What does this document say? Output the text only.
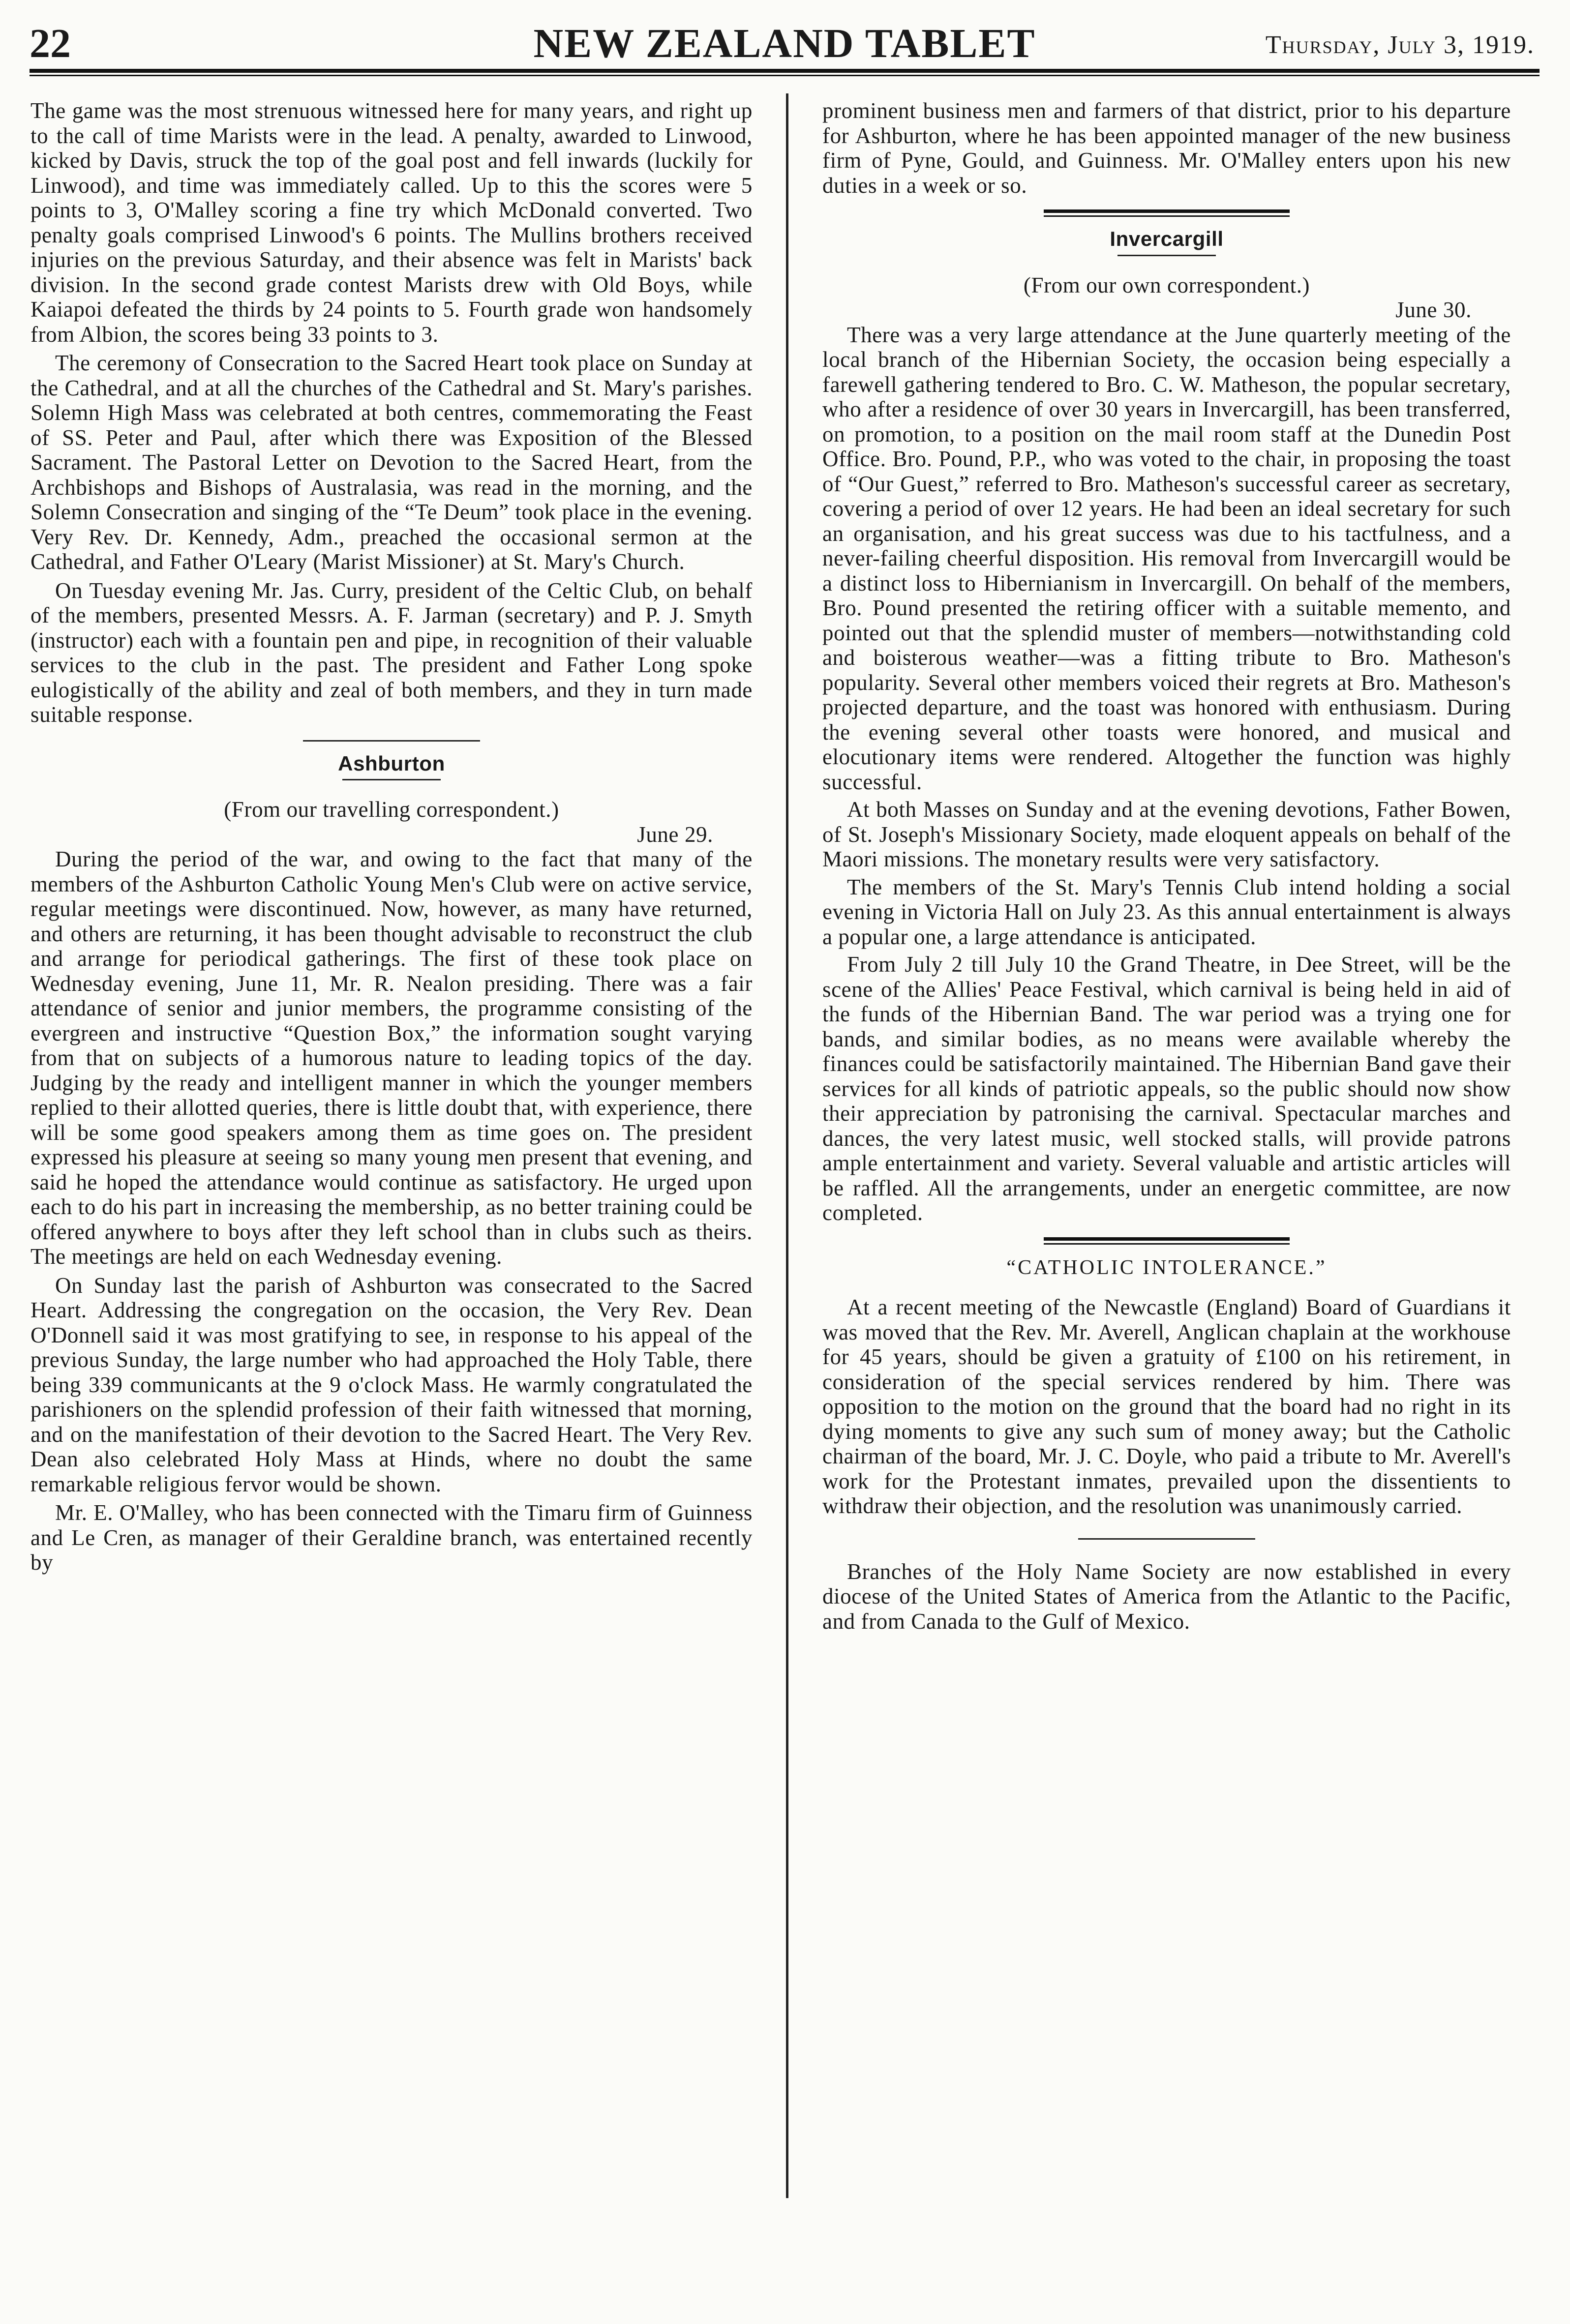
22	NEW ZEALAND TABLET	Thursday, July 3, 1919.

The game was the most strenuous witnessed here for many years, and right up to the call of time Marists were in the lead. A penalty, awarded to Linwood, kicked by Davis, struck the top of the goal post and fell inwards (luckily for Linwood), and time was immediately called. Up to this the scores were 5 points to 3, O'Malley scoring a fine try which McDonald converted. Two penalty goals comprised Linwood's 6 points. The Mullins brothers received injuries on the previous Saturday, and their absence was felt in Marists' back division. In the second grade contest Marists drew with Old Boys, while Kaiapoi defeated the thirds by 24 points to 5. Fourth grade won handsomely from Albion, the scores being 33 points to 3.

The ceremony of Consecration to the Sacred Heart took place on Sunday at the Cathedral, and at all the churches of the Cathedral and St. Mary's parishes. Solemn High Mass was celebrated at both centres, commemorating the Feast of SS. Peter and Paul, after which there was Exposition of the Blessed Sacrament. The Pastoral Letter on Devotion to the Sacred Heart, from the Archbishops and Bishops of Australasia, was read in the morning, and the Solemn Consecration and singing of the “Te Deum” took place in the evening. Very Rev. Dr. Kennedy, Adm., preached the occasional sermon at the Cathedral, and Father O'Leary (Marist Missioner) at St. Mary's Church.

On Tuesday evening Mr. Jas. Curry, president of the Celtic Club, on behalf of the members, presented Messrs. A. F. Jarman (secretary) and P. J. Smyth (instructor) each with a fountain pen and pipe, in recognition of their valuable services to the club in the past. The president and Father Long spoke eulogistically of the ability and zeal of both members, and they in turn made suitable response.

Ashburton
(From our travelling correspondent.)
June 29.

During the period of the war, and owing to the fact that many of the members of the Ashburton Catholic Young Men's Club were on active service, regular meetings were discontinued. Now, however, as many have returned, and others are returning, it has been thought advisable to reconstruct the club and arrange for periodical gatherings. The first of these took place on Wednesday evening, June 11, Mr. R. Nealon presiding. There was a fair attendance of senior and junior members, the programme consisting of the evergreen and instructive “Question Box,” the information sought varying from that on subjects of a humorous nature to leading topics of the day. Judging by the ready and intelligent manner in which the younger members replied to their allotted queries, there is little doubt that, with experience, there will be some good speakers among them as time goes on. The president expressed his pleasure at seeing so many young men present that evening, and said he hoped the attendance would continue as satisfactory. He urged upon each to do his part in increasing the membership, as no better training could be offered anywhere to boys after they left school than in clubs such as theirs. The meetings are held on each Wednesday evening.

On Sunday last the parish of Ashburton was consecrated to the Sacred Heart. Addressing the congregation on the occasion, the Very Rev. Dean O'Donnell said it was most gratifying to see, in response to his appeal of the previous Sunday, the large number who had approached the Holy Table, there being 339 communicants at the 9 o'clock Mass. He warmly congratulated the parishioners on the splendid profession of their faith witnessed that morning, and on the manifestation of their devotion to the Sacred Heart. The Very Rev. Dean also celebrated Holy Mass at Hinds, where no doubt the same remarkable religious fervor would be shown.

Mr. E. O'Malley, who has been connected with the Timaru firm of Guinness and Le Cren, as manager of their Geraldine branch, was entertained recently by

prominent business men and farmers of that district, prior to his departure for Ashburton, where he has been appointed manager of the new business firm of Pyne, Gould, and Guinness. Mr. O'Malley enters upon his new duties in a week or so.

Invercargill
(From our own correspondent.)
June 30.

There was a very large attendance at the June quarterly meeting of the local branch of the Hibernian Society, the occasion being especially a farewell gathering tendered to Bro. C. W. Matheson, the popular secretary, who after a residence of over 30 years in Invercargill, has been transferred, on promotion, to a position on the mail room staff at the Dunedin Post Office. Bro. Pound, P.P., who was voted to the chair, in proposing the toast of “Our Guest,” referred to Bro. Matheson's successful career as secretary, covering a period of over 12 years. He had been an ideal secretary for such an organisation, and his great success was due to his tactfulness, and a never-failing cheerful disposition. His removal from Invercargill would be a distinct loss to Hibernianism in Invercargill. On behalf of the members, Bro. Pound presented the retiring officer with a suitable memento, and pointed out that the splendid muster of members—notwithstanding cold and boisterous weather—was a fitting tribute to Bro. Matheson's popularity. Several other members voiced their regrets at Bro. Matheson's projected departure, and the toast was honored with enthusiasm. During the evening several other toasts were honored, and musical and elocutionary items were rendered. Altogether the function was highly successful.

At both Masses on Sunday and at the evening devotions, Father Bowen, of St. Joseph's Missionary Society, made eloquent appeals on behalf of the Maori missions. The monetary results were very satisfactory.

The members of the St. Mary's Tennis Club intend holding a social evening in Victoria Hall on July 23. As this annual entertainment is always a popular one, a large attendance is anticipated.

From July 2 till July 10 the Grand Theatre, in Dee Street, will be the scene of the Allies' Peace Festival, which carnival is being held in aid of the funds of the Hibernian Band. The war period was a trying one for bands, and similar bodies, as no means were available whereby the finances could be satisfactorily maintained. The Hibernian Band gave their services for all kinds of patriotic appeals, so the public should now show their appreciation by patronising the carnival. Spectacular marches and dances, the very latest music, well stocked stalls, will provide patrons ample entertainment and variety. Several valuable and artistic articles will be raffled. All the arrangements, under an energetic committee, are now completed.

“CATHOLIC INTOLERANCE.”

At a recent meeting of the Newcastle (England) Board of Guardians it was moved that the Rev. Mr. Averell, Anglican chaplain at the workhouse for 45 years, should be given a gratuity of £100 on his retirement, in consideration of the special services rendered by him. There was opposition to the motion on the ground that the board had no right in its dying moments to give any such sum of money away; but the Catholic chairman of the board, Mr. J. C. Doyle, who paid a tribute to Mr. Averell's work for the Protestant inmates, prevailed upon the dissentients to withdraw their objection, and the resolution was unanimously carried.

Branches of the Holy Name Society are now established in every diocese of the United States of America from the Atlantic to the Pacific, and from Canada to the Gulf of Mexico.
